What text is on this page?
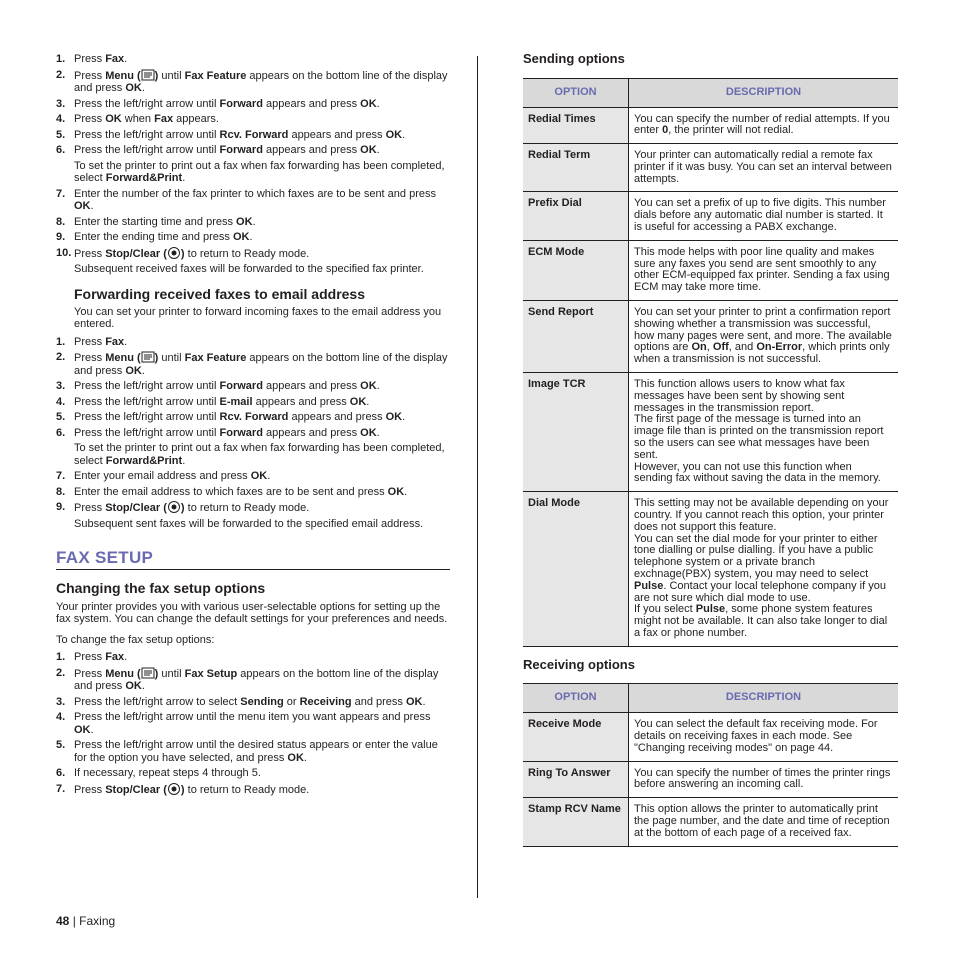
1. Press Fax.
2. Press Menu ( ) until Fax Feature appears on the bottom line of the display and press OK.
3. Press the left/right arrow until Forward appears and press OK.
4. Press OK when Fax appears.
5. Press the left/right arrow until Rcv. Forward appears and press OK.
6. Press the left/right arrow until Forward appears and press OK.
To set the printer to print out a fax when fax forwarding has been completed, select Forward&Print.
7. Enter the number of the fax printer to which faxes are to be sent and press OK.
8. Enter the starting time and press OK.
9. Enter the ending time and press OK.
10. Press Stop/Clear ( ) to return to Ready mode.
Subsequent received faxes will be forwarded to the specified fax printer.
Forwarding received faxes to email address

You can set your printer to forward incoming faxes to the email address you entered.

1. Press Fax.
2. Press Menu ( ) until Fax Feature appears on the bottom line of the display and press OK.
3. Press the left/right arrow until Forward appears and press OK.
4. Press the left/right arrow until E-mail appears and press OK.
5. Press the left/right arrow until Rcv. Forward appears and press OK.
6. Press the left/right arrow until Forward appears and press OK.
To set the printer to print out a fax when fax forwarding has been completed, select Forward&Print.
7. Enter your email address and press OK.
8. Enter the email address to which faxes are to be sent and press OK.
9. Press Stop/Clear ( ) to return to Ready mode.
Subsequent sent faxes will be forwarded to the specified email address.
FAX SETUP
Changing the fax setup options

Your printer provides you with various user-selectable options for setting up the fax system. You can change the default settings for your preferences and needs.

To change the fax setup options:

1. Press Fax.
2. Press Menu ( ) until Fax Setup appears on the bottom line of the display and press OK.
3. Press the left/right arrow to select Sending or Receiving and press OK.
4. Press the left/right arrow until the menu item you want appears and press OK.
5. Press the left/right arrow until the desired status appears or enter the value for the option you have selected, and press OK.
6. If necessary, repeat steps 4 through 5.
7. Press Stop/Clear ( ) to return to Ready mode.
Sending options
OPTION	DESCRIPTION
Redial Times	You can specify the number of redial attempts. If you enter 0, the printer will not redial.
Redial Term	Your printer can automatically redial a remote fax printer if it was busy. You can set an interval between attempts.
Prefix Dial	You can set a prefix of up to five digits. This number dials before any automatic dial number is started. It is useful for accessing a PABX exchange.
ECM Mode	This mode helps with poor line quality and makes sure any faxes you send are sent smoothly to any other ECM-equipped fax printer. Sending a fax using ECM may take more time.
Send Report	You can set your printer to print a confirmation report showing whether a transmission was successful, how many pages were sent, and more. The available options are On, Off, and On-Error, which prints only when a transmission is not successful.
Image TCR	This function allows users to know what fax messages have been sent by showing sent messages in the transmission report.
The first page of the message is turned into an image file than is printed on the transmission report so the users can see what messages have been sent.
However, you can not use this function when sending fax without saving the data in the memory.
Dial Mode	This setting may not be available depending on your country. If you cannot reach this option, your printer does not support this feature.
You can set the dial mode for your printer to either tone dialling or pulse dialling. If you have a public telephone system or a private branch exchnage(PBX) system, you may need to select Pulse. Contact your local telephone company if you are not sure which dial mode to use.
If you select Pulse, some phone system features might not be available. It can also take longer to dial a fax or phone number.
Receiving options
OPTION	DESCRIPTION
Receive Mode	You can select the default fax receiving mode. For details on receiving faxes in each mode. See "Changing receiving modes" on page 44.
Ring To Answer	You can specify the number of times the printer rings before answering an incoming call.
Stamp RCV Name	This option allows the printer to automatically print the page number, and the date and time of reception at the bottom of each page of a received fax.
48 | Faxing
